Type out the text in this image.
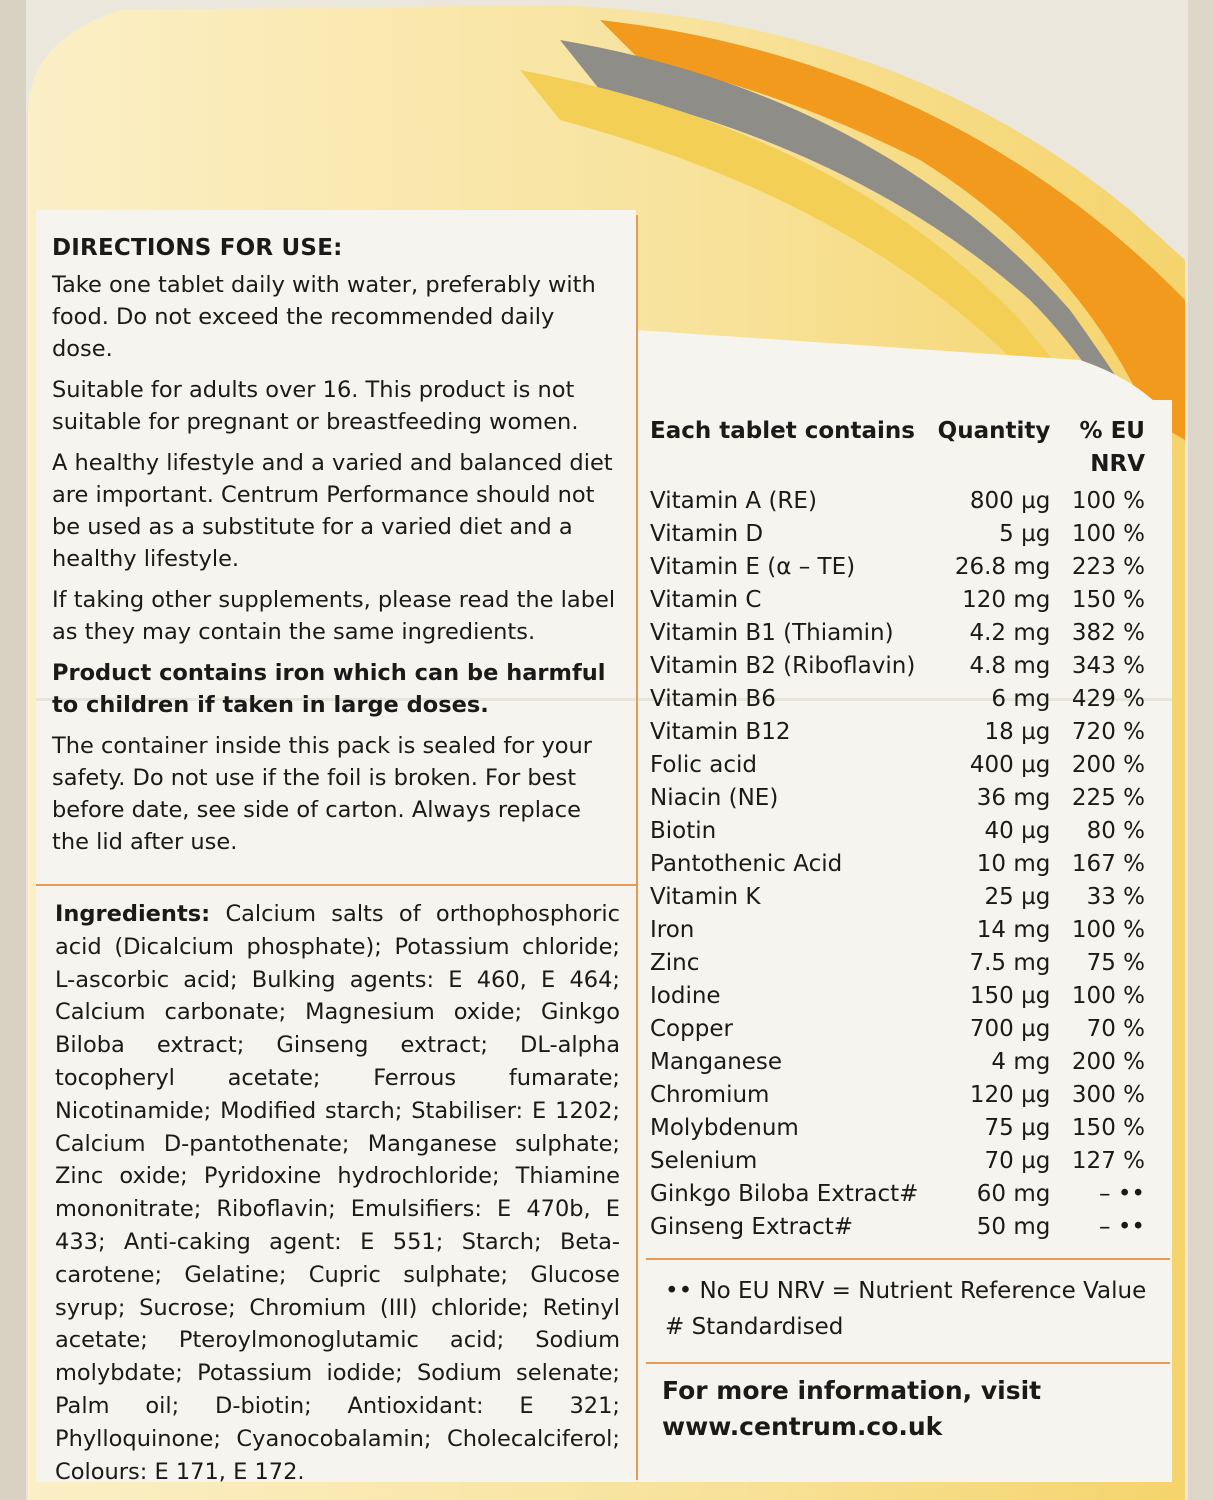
DIRECTIONS FOR USE:

Take one tablet daily with water, preferably with food. Do not exceed the recommended daily dose.

Suitable for adults over 16. This product is not suitable for pregnant or breastfeeding women.

A healthy lifestyle and a varied and balanced diet are important. Centrum Performance should not be used as a substitute for a varied diet and a healthy lifestyle.

If taking other supplements, please read the label as they may contain the same ingredients.

Product contains iron which can be harmful to children if taken in large doses.

The container inside this pack is sealed for your safety. Do not use if the foil is broken. For best before date, see side of carton. Always replace the lid after use.

Ingredients: Calcium salts of orthophosphoric acid (Dicalcium phosphate); Potassium chloride; L-ascorbic acid; Bulking agents: E 460, E 464; Calcium carbonate; Magnesium oxide; Ginkgo Biloba extract; Ginseng extract; DL-alpha tocopheryl acetate; Ferrous fumarate; Nicotinamide; Modified starch; Stabiliser: E 1202; Calcium D-pantothenate; Manganese sulphate; Zinc oxide; Pyridoxine hydrochloride; Thiamine mononitrate; Riboflavin; Emulsifiers: E 470b, E 433; Anti-caking agent: E 551; Starch; Beta-carotene; Gelatine; Cupric sulphate; Glucose syrup; Sucrose; Chromium (III) chloride; Retinyl acetate; Pteroylmonoglutamic acid; Sodium molybdate; Potassium iodide; Sodium selenate; Palm oil; D-biotin; Antioxidant: E 321; Phylloquinone; Cyanocobalamin; Cholecalciferol; Colours: E 171, E 172.
Each tablet contains	Quantity	% EU
NRV

Vitamin A (RE)	800 µg	100 %
Vitamin D	5 µg	100 %
Vitamin E (α – TE)	26.8 mg	223 %
Vitamin C	120 mg	150 %
Vitamin B1 (Thiamin)	4.2 mg	382 %
Vitamin B2 (Riboflavin)	4.8 mg	343 %
Vitamin B6	6 mg	429 %
Vitamin B12	18 µg	720 %
Folic acid	400 µg	200 %
Niacin (NE)	36 mg	225 %
Biotin	40 µg	80 %
Pantothenic Acid	10 mg	167 %
Vitamin K	25 µg	33 %
Iron	14 mg	100 %
Zinc	7.5 mg	75 %
Iodine	150 µg	100 %
Copper	700 µg	70 %
Manganese	4 mg	200 %
Chromium	120 µg	300 %
Molybdenum	75 µg	150 %
Selenium	70 µg	127 %
Ginkgo Biloba Extract#	60 mg	– ••
Ginseng Extract#	50 mg	– ••
•• No EU NRV = Nutrient Reference Value
# Standardised
For more information, visit
www.centrum.co.uk
